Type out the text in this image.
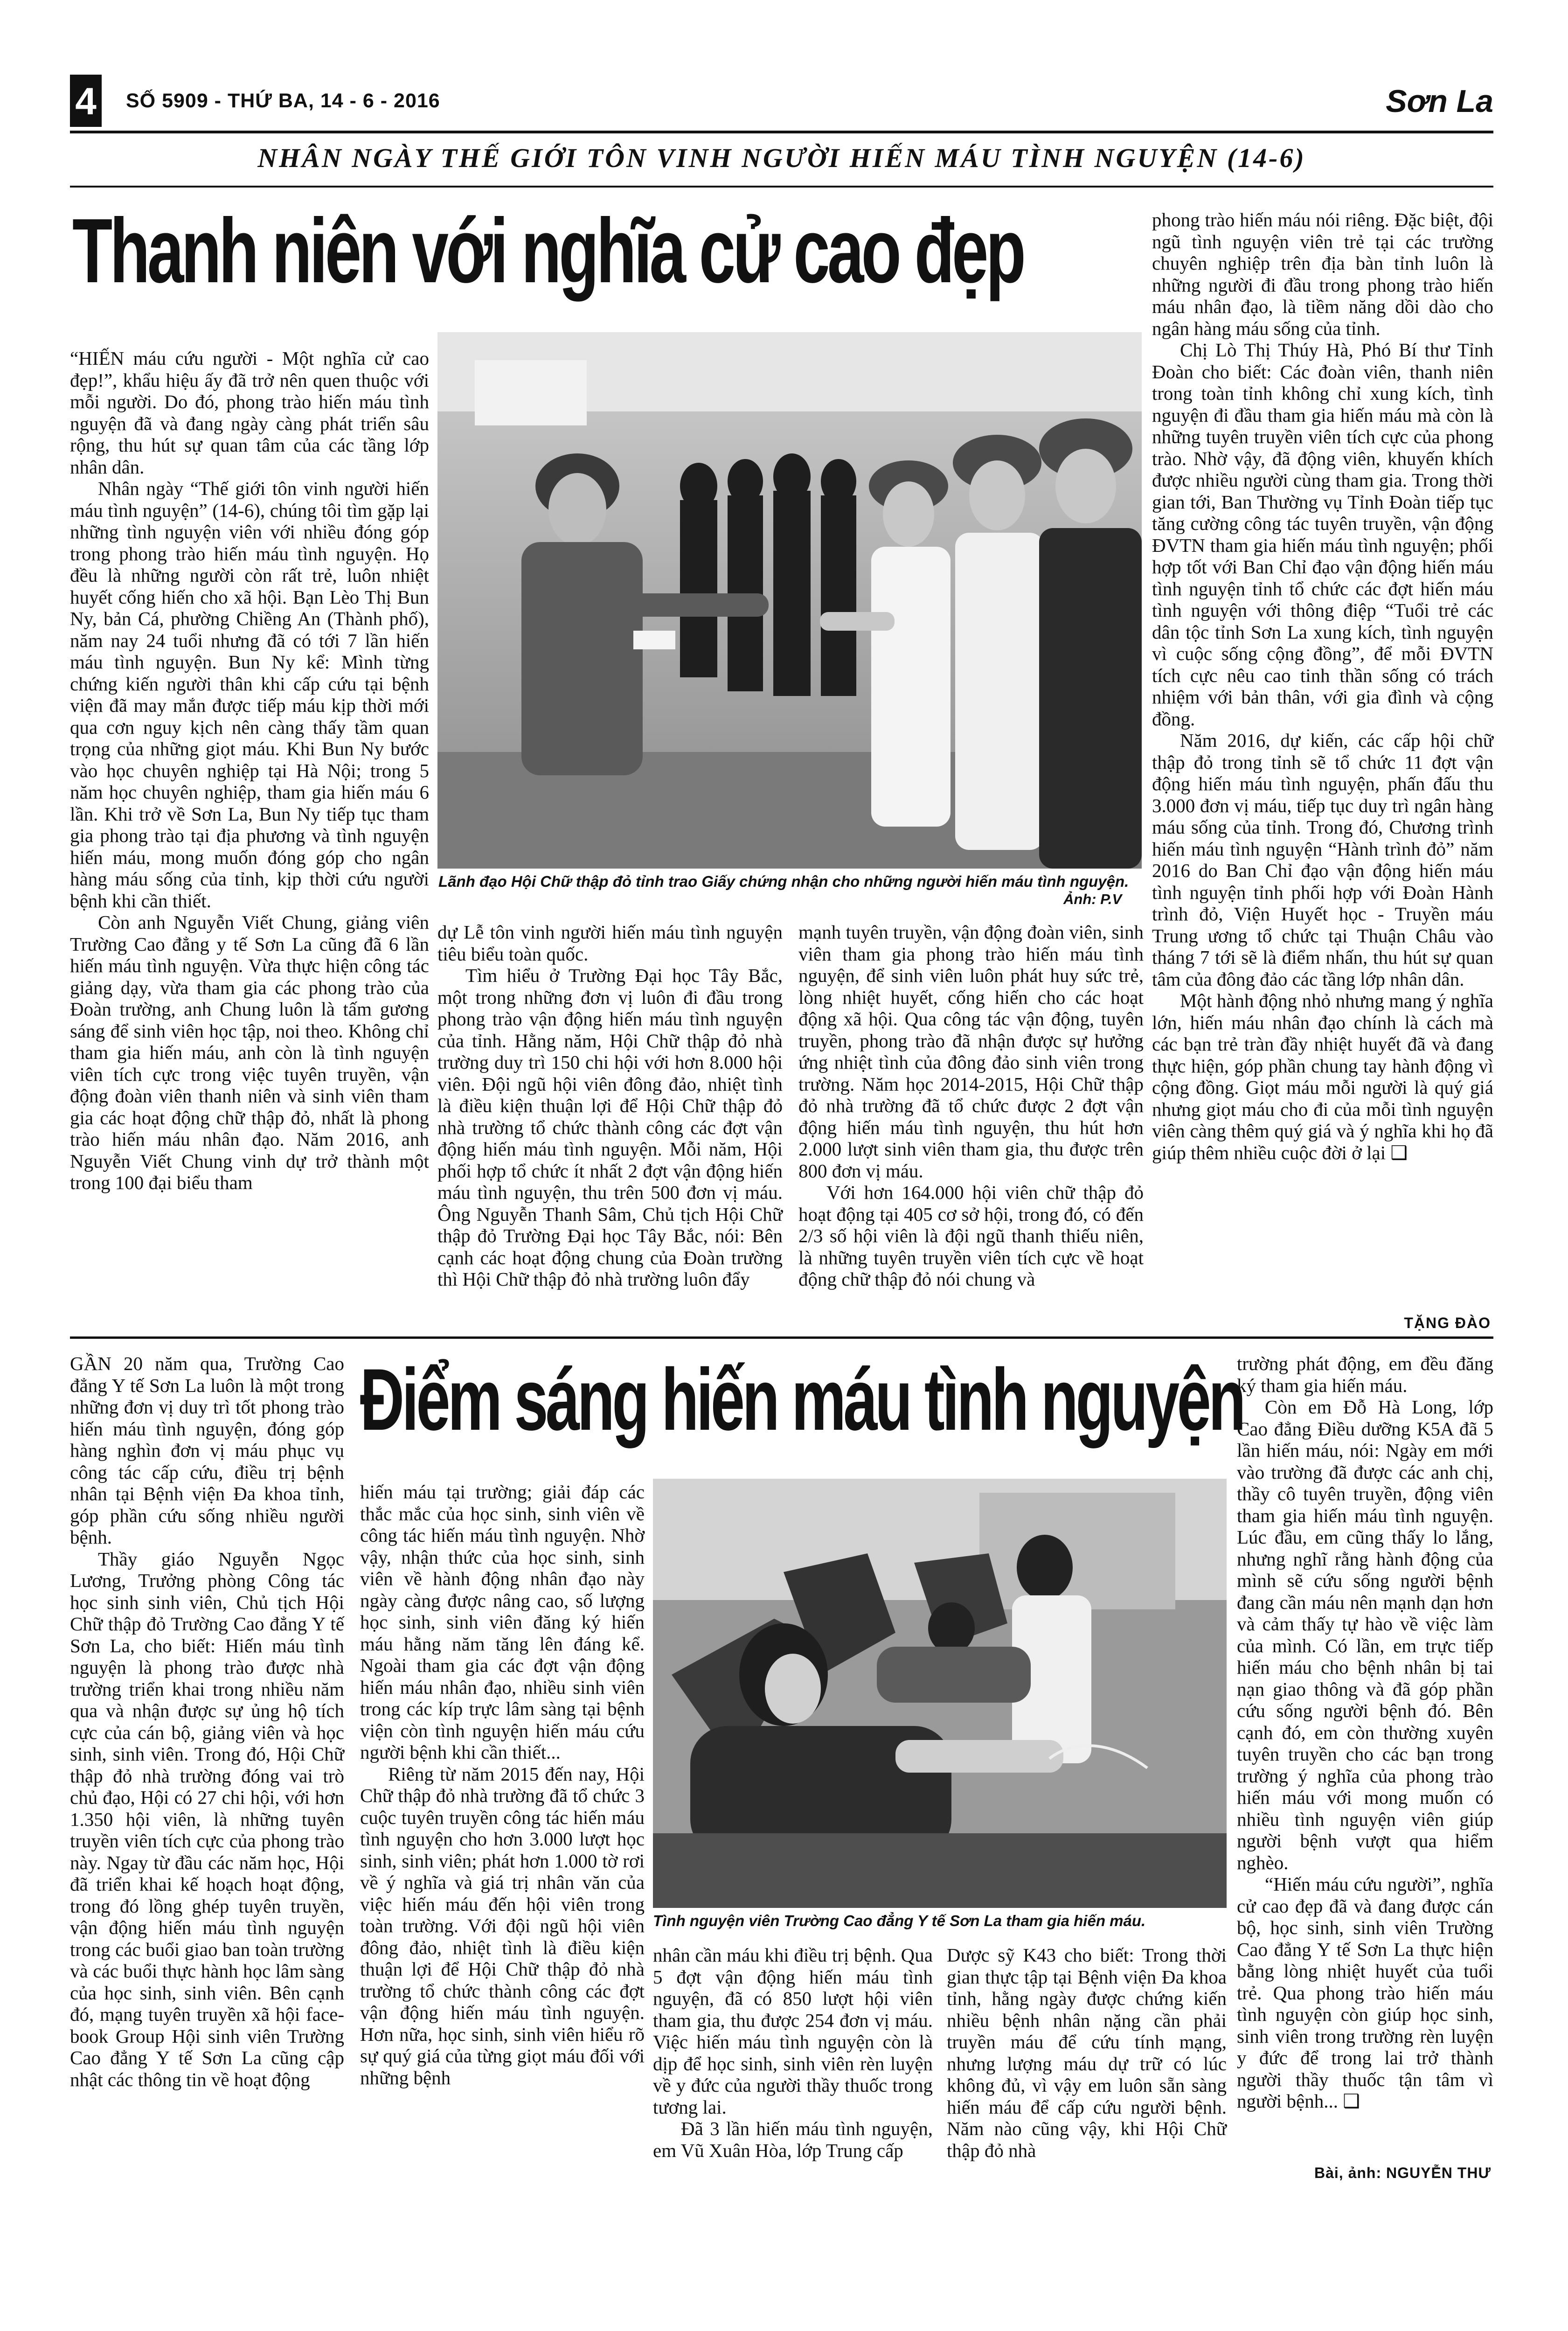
4 SỐ 5909 - THỨ BA, 14 - 6 - 2016	Sơn La
NHÂN NGÀY THẾ GIỚI TÔN VINH NGƯỜI HIẾN MÁU TÌNH NGUYỆN (14-6)
Thanh niên với nghĩa cử cao đẹp

“HIẾN máu cứu người - Một nghĩa cử cao đẹp!”, khẩu hiệu ấy đã trở nên quen thuộc với mỗi người. Do đó, phong trào hiến máu tình nguyện đã và đang ngày càng phát triển sâu rộng, thu hút sự quan tâm của các tầng lớp nhân dân.

Nhân ngày “Thế giới tôn vinh người hiến máu tình nguyện” (14-6), chúng tôi tìm gặp lại những tình nguyện viên với nhiều đóng góp trong phong trào hiến máu tình nguyện. Họ đều là những người còn rất trẻ, luôn nhiệt huyết cống hiến cho xã hội. Bạn Lèo Thị Bun Ny, bản Cá, phường Chiềng An (Thành phố), năm nay 24 tuổi nhưng đã có tới 7 lần hiến máu tình nguyện. Bun Ny kể: Mình từng chứng kiến người thân khi cấp cứu tại bệnh viện đã may mắn được tiếp máu kịp thời mới qua cơn nguy kịch nên càng thấy tầm quan trọng của những giọt máu. Khi Bun Ny bước vào học chuyên nghiệp tại Hà Nội; trong 5 năm học chuyên nghiệp, tham gia hiến máu 6 lần. Khi trở về Sơn La, Bun Ny tiếp tục tham gia phong trào tại địa phương và tình nguyện hiến máu, mong muốn đóng góp cho ngân hàng máu sống của tỉnh, kịp thời cứu người bệnh khi cần thiết.

Còn anh Nguyễn Viết Chung, giảng viên Trường Cao đẳng y tế Sơn La cũng đã 6 lần hiến máu tình nguyện. Vừa thực hiện công tác giảng dạy, vừa tham gia các phong trào của Đoàn trường, anh Chung luôn là tấm gương sáng để sinh viên học tập, noi theo. Không chỉ tham gia hiến máu, anh còn là tình nguyện viên tích cực trong việc tuyên truyền, vận động đoàn viên thanh niên và sinh viên tham gia các hoạt động chữ thập đỏ, nhất là phong trào hiến máu nhân đạo. Năm 2016, anh Nguyễn Viết Chung vinh dự trở thành một trong 100 đại biểu tham

Lãnh đạo Hội Chữ thập đỏ tỉnh trao Giấy chứng nhận cho những người hiến máu tình nguyện.
Ảnh: P.V

dự Lễ tôn vinh người hiến máu tình nguyện tiêu biểu toàn quốc.

Tìm hiểu ở Trường Đại học Tây Bắc, một trong những đơn vị luôn đi đầu trong phong trào vận động hiến máu tình nguyện của tỉnh. Hằng năm, Hội Chữ thập đỏ nhà trường duy trì 150 chi hội với hơn 8.000 hội viên. Đội ngũ hội viên đông đảo, nhiệt tình là điều kiện thuận lợi để Hội Chữ thập đỏ nhà trường tổ chức thành công các đợt vận động hiến máu tình nguyện. Mỗi năm, Hội phối hợp tổ chức ít nhất 2 đợt vận động hiến máu tình nguyện, thu trên 500 đơn vị máu. Ông Nguyễn Thanh Sâm, Chủ tịch Hội Chữ thập đỏ Trường Đại học Tây Bắc, nói: Bên cạnh các hoạt động chung của Đoàn trường thì Hội Chữ thập đỏ nhà trường luôn đẩy

mạnh tuyên truyền, vận động đoàn viên, sinh viên tham gia phong trào hiến máu tình nguyện, để sinh viên luôn phát huy sức trẻ, lòng nhiệt huyết, cống hiến cho các hoạt động xã hội. Qua công tác vận động, tuyên truyền, phong trào đã nhận được sự hưởng ứng nhiệt tình của đông đảo sinh viên trong trường. Năm học 2014-2015, Hội Chữ thập đỏ nhà trường đã tổ chức được 2 đợt vận động hiến máu tình nguyện, thu hút hơn 2.000 lượt sinh viên tham gia, thu được trên 800 đơn vị máu.

Với hơn 164.000 hội viên chữ thập đỏ hoạt động tại 405 cơ sở hội, trong đó, có đến 2/3 số hội viên là đội ngũ thanh thiếu niên, là những tuyên truyền viên tích cực về hoạt động chữ thập đỏ nói chung và

phong trào hiến máu nói riêng. Đặc biệt, đội ngũ tình nguyện viên trẻ tại các trường chuyên nghiệp trên địa bàn tỉnh luôn là những người đi đầu trong phong trào hiến máu nhân đạo, là tiềm năng dồi dào cho ngân hàng máu sống của tỉnh.

Chị Lò Thị Thúy Hà, Phó Bí thư Tỉnh Đoàn cho biết: Các đoàn viên, thanh niên trong toàn tỉnh không chỉ xung kích, tình nguyện đi đầu tham gia hiến máu mà còn là những tuyên truyền viên tích cực của phong trào. Nhờ vậy, đã động viên, khuyến khích được nhiều người cùng tham gia. Trong thời gian tới, Ban Thường vụ Tỉnh Đoàn tiếp tục tăng cường công tác tuyên truyền, vận động ĐVTN tham gia hiến máu tình nguyện; phối hợp tốt với Ban Chỉ đạo vận động hiến máu tình nguyện tỉnh tổ chức các đợt hiến máu tình nguyện với thông điệp “Tuổi trẻ các dân tộc tỉnh Sơn La xung kích, tình nguyện vì cuộc sống cộng đồng”, để mỗi ĐVTN tích cực nêu cao tinh thần sống có trách nhiệm với bản thân, với gia đình và cộng đồng.

Năm 2016, dự kiến, các cấp hội chữ thập đỏ trong tỉnh sẽ tổ chức 11 đợt vận động hiến máu tình nguyện, phấn đấu thu 3.000 đơn vị máu, tiếp tục duy trì ngân hàng máu sống của tỉnh. Trong đó, Chương trình hiến máu tình nguyện “Hành trình đỏ” năm 2016 do Ban Chỉ đạo vận động hiến máu tình nguyện tỉnh phối hợp với Đoàn Hành trình đỏ, Viện Huyết học - Truyền máu Trung ương tổ chức tại Thuận Châu vào tháng 7 tới sẽ là điểm nhấn, thu hút sự quan tâm của đông đảo các tầng lớp nhân dân.

Một hành động nhỏ nhưng mang ý nghĩa lớn, hiến máu nhân đạo chính là cách mà các bạn trẻ tràn đầy nhiệt huyết đã và đang thực hiện, góp phần chung tay hành động vì cộng đồng. Giọt máu mỗi người là quý giá nhưng giọt máu cho đi của mỗi tình nguyện viên càng thêm quý giá và ý nghĩa khi họ đã giúp thêm nhiều cuộc đời ở lại ❑

TẶNG ĐÀO

GẦN 20 năm qua, Trường Cao đẳng Y tế Sơn La luôn là một trong những đơn vị duy trì tốt phong trào hiến máu tình nguyện, đóng góp hàng nghìn đơn vị máu phục vụ công tác cấp cứu, điều trị bệnh nhân tại Bệnh viện Đa khoa tỉnh, góp phần cứu sống nhiều người bệnh.

Thầy giáo Nguyễn Ngọc Lương, Trưởng phòng Công tác học sinh sinh viên, Chủ tịch Hội Chữ thập đỏ Trường Cao đẳng Y tế Sơn La, cho biết: Hiến máu tình nguyện là phong trào được nhà trường triển khai trong nhiều năm qua và nhận được sự ủng hộ tích cực của cán bộ, giảng viên và học sinh, sinh viên. Trong đó, Hội Chữ thập đỏ nhà trường đóng vai trò chủ đạo, Hội có 27 chi hội, với hơn 1.350 hội viên, là những tuyên truyền viên tích cực của phong trào này. Ngay từ đầu các năm học, Hội đã triển khai kế hoạch hoạt động, trong đó lồng ghép tuyên truyền, vận động hiến máu tình nguyện trong các buổi giao ban toàn trường và các buổi thực hành học lâm sàng của học sinh, sinh viên. Bên cạnh đó, mạng tuyên truyền xã hội face-book Group Hội sinh viên Trường Cao đẳng Y tế Sơn La cũng cập nhật các thông tin về hoạt động

Điểm sáng hiến máu tình nguyện

hiến máu tại trường; giải đáp các thắc mắc của học sinh, sinh viên về công tác hiến máu tình nguyện. Nhờ vậy, nhận thức của học sinh, sinh viên về hành động nhân đạo này ngày càng được nâng cao, số lượng học sinh, sinh viên đăng ký hiến máu hằng năm tăng lên đáng kể. Ngoài tham gia các đợt vận động hiến máu nhân đạo, nhiều sinh viên trong các kíp trực lâm sàng tại bệnh viện còn tình nguyện hiến máu cứu người bệnh khi cần thiết...

Riêng từ năm 2015 đến nay, Hội Chữ thập đỏ nhà trường đã tổ chức 3 cuộc tuyên truyền công tác hiến máu tình nguyện cho hơn 3.000 lượt học sinh, sinh viên; phát hơn 1.000 tờ rơi về ý nghĩa và giá trị nhân văn của việc hiến máu đến hội viên trong toàn trường. Với đội ngũ hội viên đông đảo, nhiệt tình là điều kiện thuận lợi để Hội Chữ thập đỏ nhà trường tổ chức thành công các đợt vận động hiến máu tình nguyện. Hơn nữa, học sinh, sinh viên hiểu rõ sự quý giá của từng giọt máu đối với những bệnh

Tình nguyện viên Trường Cao đẳng Y tế Sơn La tham gia hiến máu.

nhân cần máu khi điều trị bệnh. Qua 5 đợt vận động hiến máu tình nguyện, đã có 850 lượt hội viên tham gia, thu được 254 đơn vị máu. Việc hiến máu tình nguyện còn là dịp để học sinh, sinh viên rèn luyện về y đức của người thầy thuốc trong tương lai.

Đã 3 lần hiến máu tình nguyện, em Vũ Xuân Hòa, lớp Trung cấp

Dược sỹ K43 cho biết: Trong thời gian thực tập tại Bệnh viện Đa khoa tỉnh, hằng ngày được chứng kiến nhiều bệnh nhân nặng cần phải truyền máu để cứu tính mạng, nhưng lượng máu dự trữ có lúc không đủ, vì vậy em luôn sẵn sàng hiến máu để cấp cứu người bệnh. Năm nào cũng vậy, khi Hội Chữ thập đỏ nhà

trường phát động, em đều đăng ký tham gia hiến máu.

Còn em Đỗ Hà Long, lớp Cao đẳng Điều dưỡng K5A đã 5 lần hiến máu, nói: Ngày em mới vào trường đã được các anh chị, thầy cô tuyên truyền, động viên tham gia hiến máu tình nguyện. Lúc đầu, em cũng thấy lo lắng, nhưng nghĩ rằng hành động của mình sẽ cứu sống người bệnh đang cần máu nên mạnh dạn hơn và cảm thấy tự hào về việc làm của mình. Có lần, em trực tiếp hiến máu cho bệnh nhân bị tai nạn giao thông và đã góp phần cứu sống người bệnh đó. Bên cạnh đó, em còn thường xuyên tuyên truyền cho các bạn trong trường ý nghĩa của phong trào hiến máu với mong muốn có nhiều tình nguyện viên giúp người bệnh vượt qua hiểm nghèo.

“Hiến máu cứu người”, nghĩa cử cao đẹp đã và đang được cán bộ, học sinh, sinh viên Trường Cao đẳng Y tế Sơn La thực hiện bằng lòng nhiệt huyết của tuổi trẻ. Qua phong trào hiến máu tình nguyện còn giúp học sinh, sinh viên trong trường rèn luyện y đức để trong lai trở thành người thầy thuốc tận tâm vì người bệnh... ❑

Bài, ảnh: NGUYỄN THƯ
